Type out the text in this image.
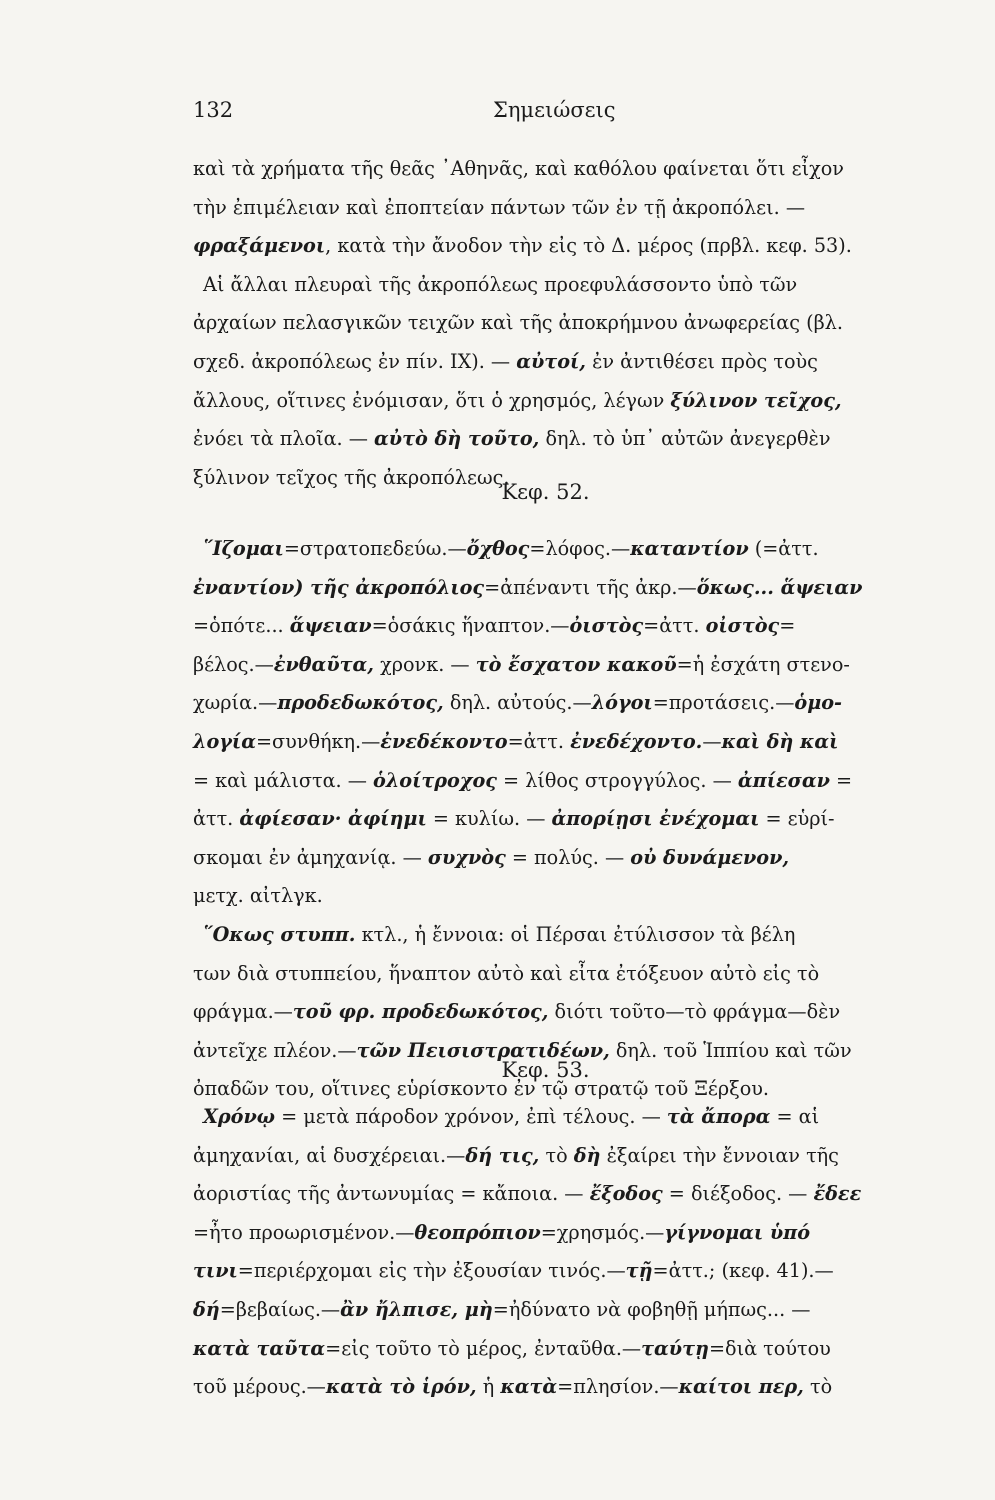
132	Σημειώσεις
καὶ τὰ χρήματα τῆς θεᾶς ᾽Αθηνᾶς, καὶ καθόλου φαίνεται ὅτι εἶχον
τὴν ἐπιμέλειαν καὶ ἐποπτείαν πάντων τῶν ἐν τῇ ἀκροπόλει. —
φραξάμενοι, κατὰ τὴν ἄνοδον τὴν εἰς τὸ Δ. μέρος (πρβλ. κεφ. 53).
Αἱ ἄλλαι πλευραὶ τῆς ἀκροπόλεως προεφυλάσσοντο ὑπὸ τῶν
ἀρχαίων πελασγικῶν τειχῶν καὶ τῆς ἀποκρήμνου ἀνωφερείας (βλ.
σχεδ. ἀκροπόλεως ἐν πίν. IX). — αὐτοί, ἐν ἀντιθέσει πρὸς τοὺς
ἄλλους, οἵτινες ἐνόμισαν, ὅτι ὁ χρησμός, λέγων ξύλινον τεῖχος,
ἐνόει τὰ πλοῖα. — αὐτὸ δὴ τοῦτο, δηλ. τὸ ὑπ᾽ αὐτῶν ἀνεγερθὲν
ξύλινον τεῖχος τῆς ἀκροπόλεως.
Κεφ. 52.
῞Ιζομαι=στρατοπεδεύω.—ὄχθος=λόφος.—καταντίον (=ἀττ.
ἐναντίον) τῆς ἀκροπόλιος=ἀπέναντι τῆς ἀκρ.—ὅκως... ἅψειαν
=ὁπότε... ἅψειαν=ὁσάκις ἥναπτον.—ὀιστὸς=ἀττ. οἰστὸς=
βέλος.—ἐνθαῦτα, χρονκ. — τὸ ἔσχατον κακοῦ=ἡ ἐσχάτη στενο-
χωρία.—προδεδωκότος, δηλ. αὐτούς.—λόγοι=προτάσεις.—ὁμο-
λογία=συνθήκη.—ἐνεδέκοντο=ἀττ. ἐνεδέχοντο.—καὶ δὴ καὶ
= καὶ μάλιστα. — ὁλοίτροχος = λίθος στρογγύλος. — ἀπίεσαν =
ἀττ. ἀφίεσαν· ἀφίημι = κυλίω. — ἀπορίῃσι ἐνέχομαι = εὑρί-
σκομαι ἐν ἀμηχανίᾳ. — συχνὸς = πολύς. — οὐ δυνάμενον,
μετχ. αἰτλγκ.
῞Οκως στυππ. κτλ., ἡ ἔννοια: οἱ Πέρσαι ἐτύλισσον τὰ βέλη
των διὰ στυππείου, ἥναπτον αὐτὸ καὶ εἶτα ἐτόξευον αὐτὸ εἰς τὸ
φράγμα.—τοῦ φρ. προδεδωκότος, διότι τοῦτο—τὸ φράγμα—δὲν
ἀντεῖχε πλέον.—τῶν Πεισιστρατιδέων, δηλ. τοῦ Ἱππίου καὶ τῶν
ὀπαδῶν του, οἵτινες εὑρίσκοντο ἐν τῷ στρατῷ τοῦ Ξέρξου.
Κεφ. 53.
Χρόνῳ = μετὰ πάροδον χρόνον, ἐπὶ τέλους. — τὰ ἄπορα = αἱ
ἀμηχανίαι, αἱ δυσχέρειαι.—δή τις, τὸ δὴ ἐξαίρει τὴν ἔννοιαν τῆς
ἀοριστίας τῆς ἀντωνυμίας = κἄποια. — ἔξοδος = διέξοδος. — ἔδεε
=ἦτο προωρισμένον.—θεοπρόπιον=χρησμός.—γίγνομαι ὑπό
τινι=περιέρχομαι εἰς τὴν ἐξουσίαν τινός.—τῇ=ἀττ.; (κεφ. 41).—
δή=βεβαίως.—ἂν ἤλπισε, μὴ=ἠδύνατο νὰ φοβηθῇ μήπως... —
κατὰ ταῦτα=εἰς τοῦτο τὸ μέρος, ἐνταῦθα.—ταύτῃ=διὰ τούτου
τοῦ μέρους.—κατὰ τὸ ἱρόν, ἡ κατὰ=πλησίον.—καίτοι περ, τὸ
